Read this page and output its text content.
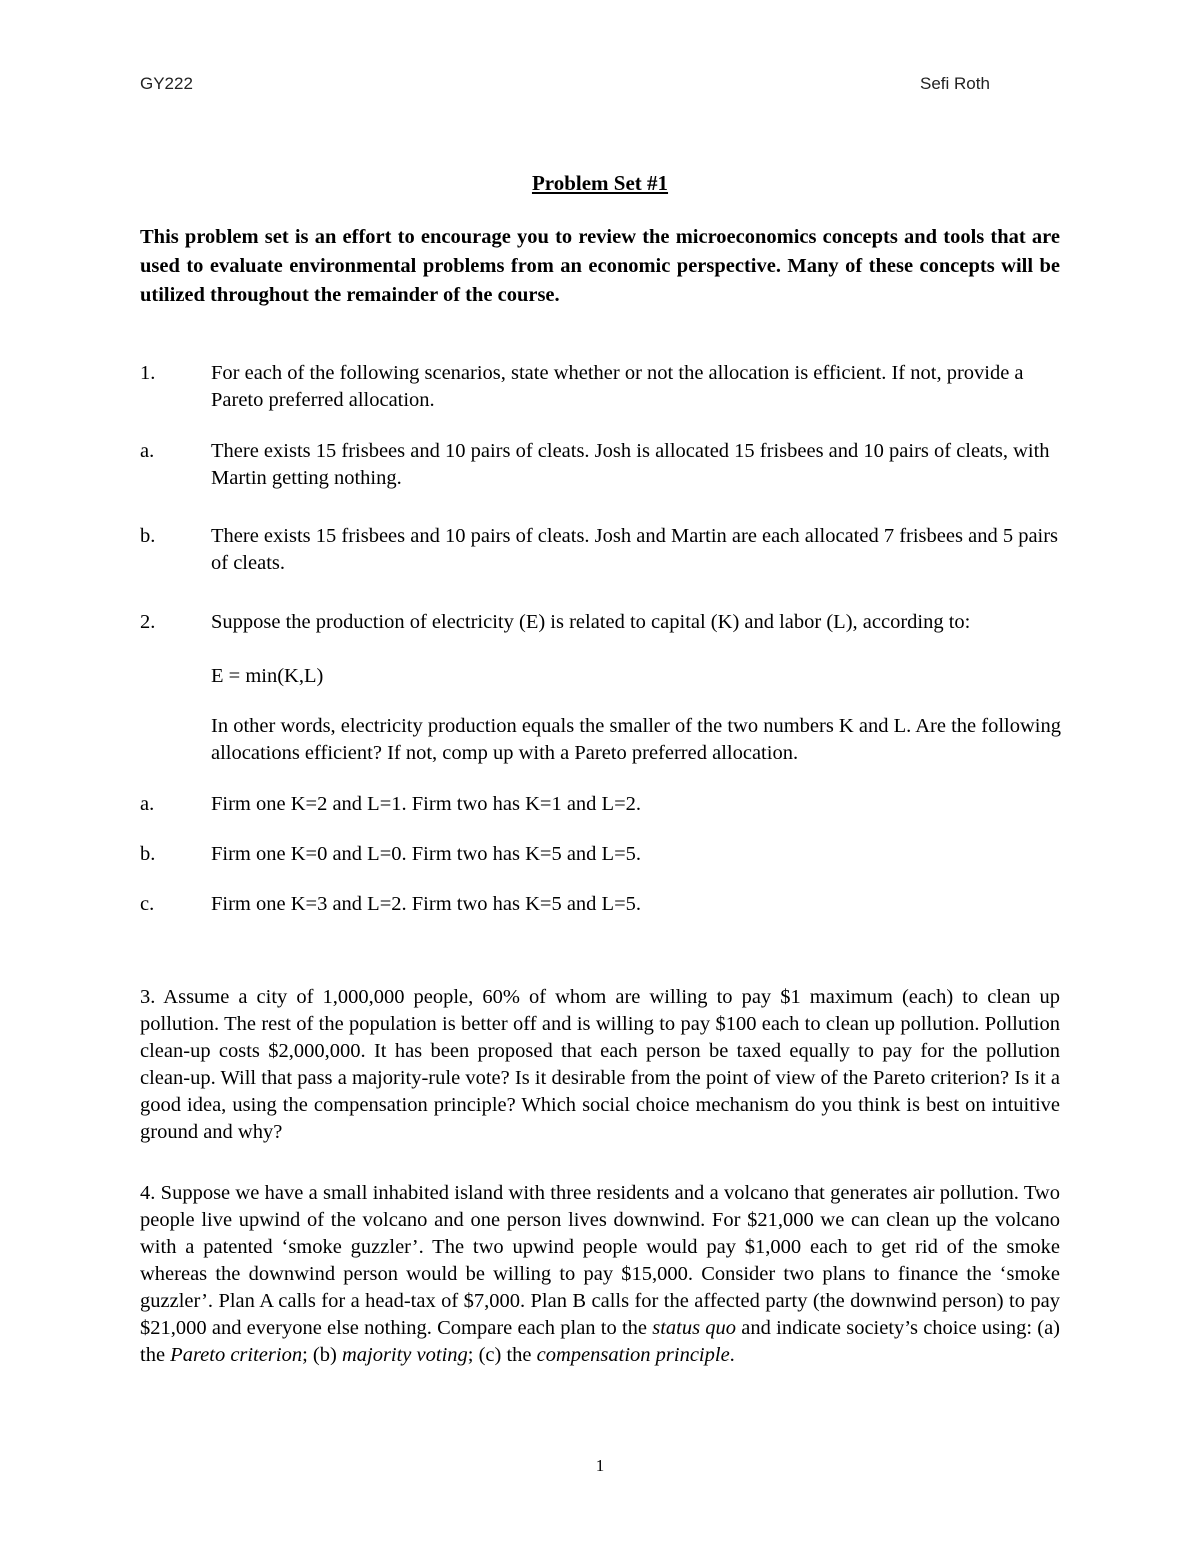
GY222	Sefi Roth
Problem Set #1
This problem set is an effort to encourage you to review the microeconomics concepts and tools that are used to evaluate environmental problems from an economic perspective. Many of these concepts will be utilized throughout the remainder of the course.
1.	For each of the following scenarios, state whether or not the allocation is efficient. If not, provide a Pareto preferred allocation.
a.	There exists 15 frisbees and 10 pairs of cleats. Josh is allocated 15 frisbees and 10 pairs of cleats, with Martin getting nothing.
b.	There exists 15 frisbees and 10 pairs of cleats. Josh and Martin are each allocated 7 frisbees and 5 pairs of cleats.
2.	Suppose the production of electricity (E) is related to capital (K) and labor (L), according to:
E = min(K,L)
In other words, electricity production equals the smaller of the two numbers K and L. Are the following allocations efficient? If not, comp up with a Pareto preferred allocation.
a.	Firm one K=2 and L=1. Firm two has K=1 and L=2.
b.	Firm one K=0 and L=0. Firm two has K=5 and L=5.
c.	Firm one K=3 and L=2. Firm two has K=5 and L=5.
3. Assume a city of 1,000,000 people, 60% of whom are willing to pay $1 maximum (each) to clean up pollution. The rest of the population is better off and is willing to pay $100 each to clean up pollution. Pollution clean-up costs $2,000,000. It has been proposed that each person be taxed equally to pay for the pollution clean-up. Will that pass a majority-rule vote? Is it desirable from the point of view of the Pareto criterion? Is it a good idea, using the compensation principle? Which social choice mechanism do you think is best on intuitive ground and why?
4. Suppose we have a small inhabited island with three residents and a volcano that generates air pollution. Two people live upwind of the volcano and one person lives downwind. For $21,000 we can clean up the volcano with a patented ‘smoke guzzler’. The two upwind people would pay $1,000 each to get rid of the smoke whereas the downwind person would be willing to pay $15,000. Consider two plans to finance the ‘smoke guzzler’. Plan A calls for a head-tax of $7,000. Plan B calls for the affected party (the downwind person) to pay $21,000 and everyone else nothing. Compare each plan to the status quo and indicate society’s choice using: (a) the Pareto criterion; (b) majority voting; (c) the compensation principle.
1
